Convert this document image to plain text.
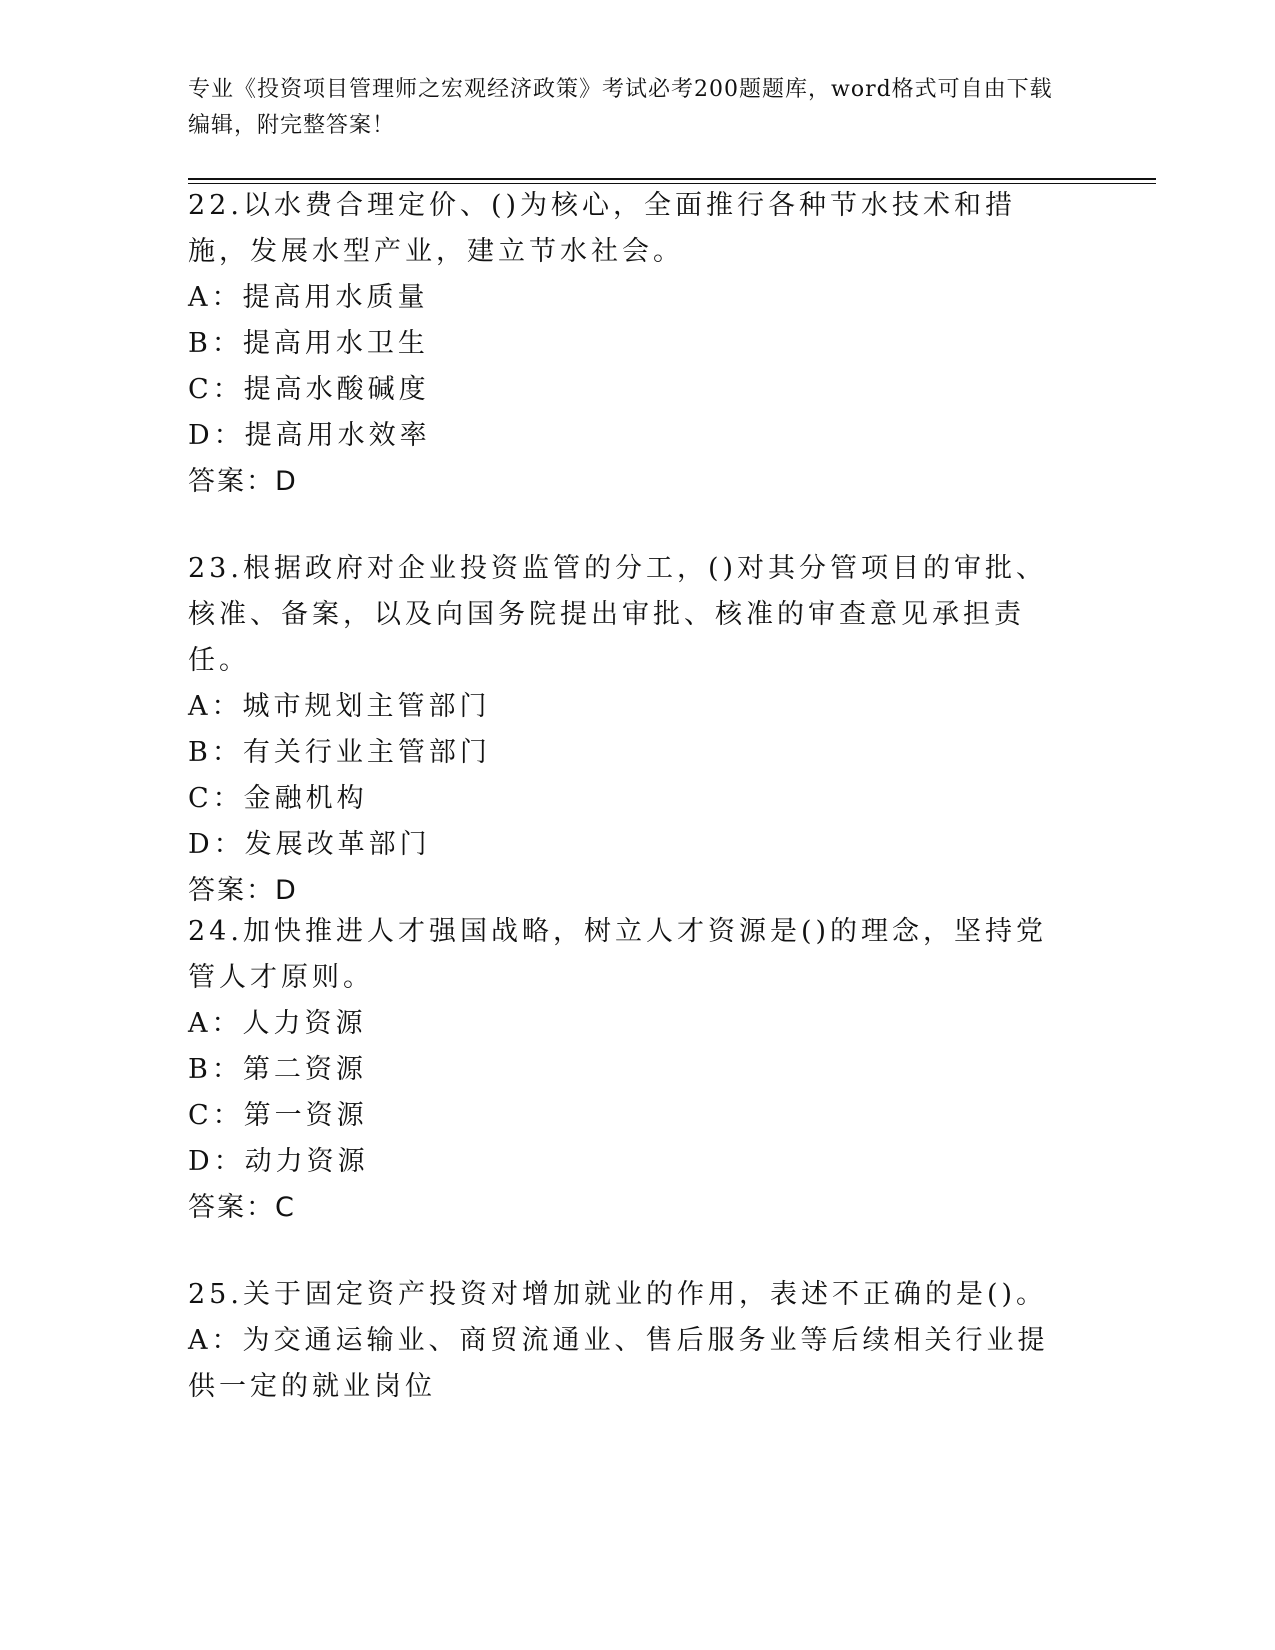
专业《投资项目管理师之宏观经济政策》考试必考200题题库，word格式可自由下载编辑，附完整答案！

22.以水费合理定价、()为核心，全面推行各种节水技术和措施，发展水型产业，建立节水社会。

A：提高用水质量

B：提高用水卫生

C：提高水酸碱度

D：提高用水效率

答案：D

23.根据政府对企业投资监管的分工，()对其分管项目的审批、核准、备案，以及向国务院提出审批、核准的审查意见承担责任。

A：城市规划主管部门

B：有关行业主管部门

C：金融机构

D：发展改革部门

答案：D

24.加快推进人才强国战略，树立人才资源是()的理念，坚持党管人才原则。

A：人力资源

B：第二资源

C：第一资源

D：动力资源

答案：C

25.关于固定资产投资对增加就业的作用，表述不正确的是()。

A：为交通运输业、商贸流通业、售后服务业等后续相关行业提供一定的就业岗位
